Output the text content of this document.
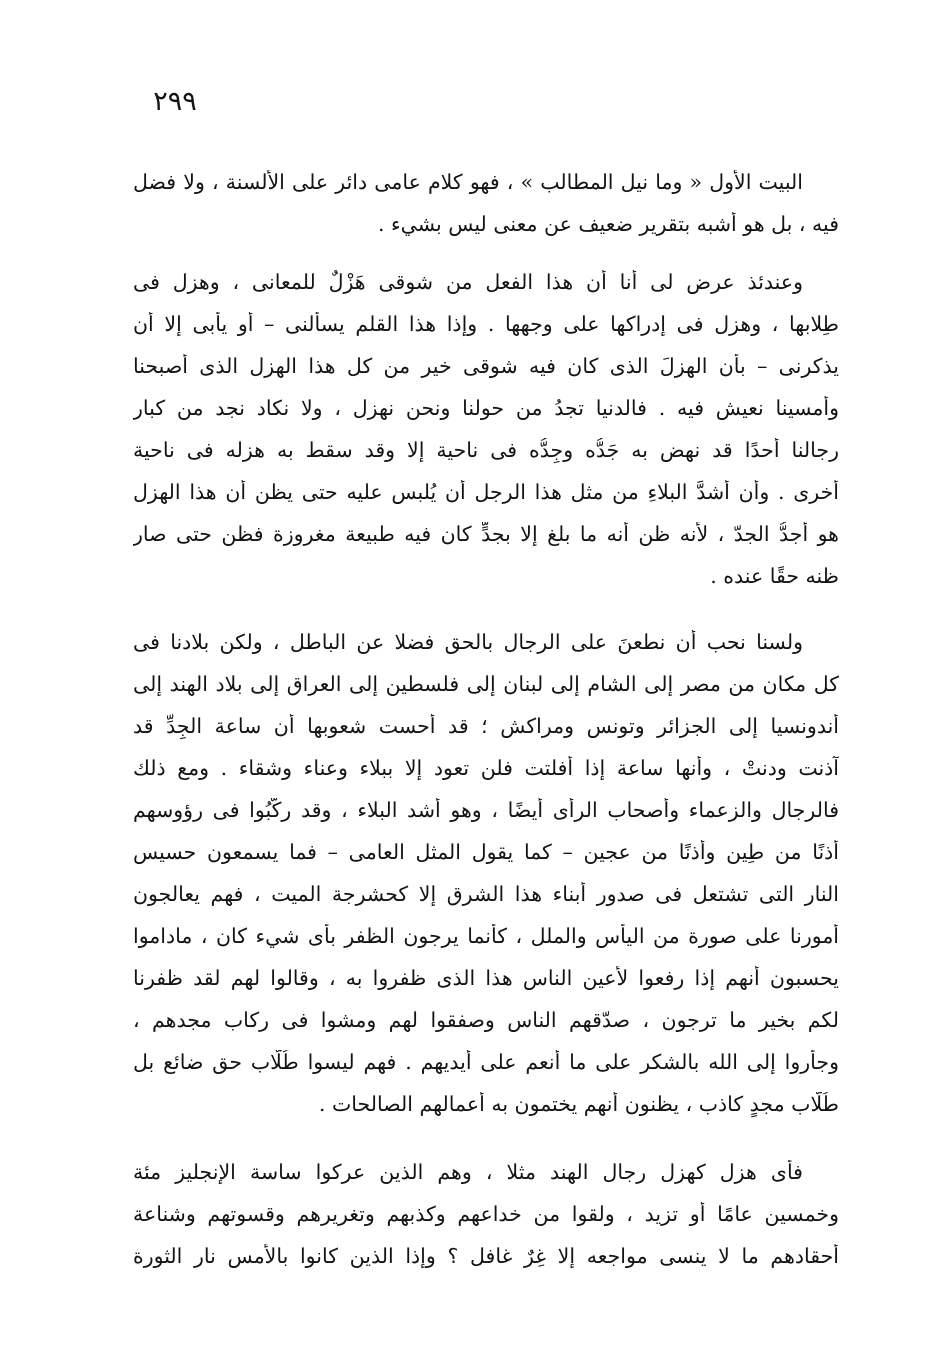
٢٩٩
البيت الأول « وما نيل المطالب » ، فهو كلام عامى دائر على الألسنة ، ولا فضل
فيه ، بل هو أشبه بتقرير ضعيف عن معنى ليس بشيء .
وعندئذ عرض لى أنا أن هذا الفعل من شوقى هَزْلٌ للمعانى ، وهزل فى
طِلابها ، وهزل فى إدراكها على وجهها . وإذا هذا القلم يسألنى – أو يأبى إلا أن
يذكرنى – بأن الهزلَ الذى كان فيه شوقى خير من كل هذا الهزل الذى أصبحنا
وأمسينا نعيش فيه . فالدنيا تجدُ من حولنا ونحن نهزل ، ولا نكاد نجد من كبار
رجالنا أحدًا قد نهض به جَدُّه وجِدُّه فى ناحية إلا وقد سقط به هزله فى ناحية
أخرى . وأن أشدَّ البلاءِ من مثل هذا الرجل أن يُلبس عليه حتى يظن أن هذا الهزل
هو أجدُّ الجدّ ، لأنه ظن أنه ما بلغ إلا بجدٍّ كان فيه طبيعة مغروزة فظن حتى صار
ظنه حقًا عنده .
ولسنا نحب أن نطعنَ على الرجال بالحق فضلا عن الباطل ، ولكن بلادنا فى
كل مكان من مصر إلى الشام إلى لبنان إلى فلسطين إلى العراق إلى بلاد الهند إلى
أندونسيا إلى الجزائر وتونس ومراكش ؛ قد أحست شعوبها أن ساعة الجِدِّ قد
آذنت ودنتْ ، وأنها ساعة إذا أفلتت فلن تعود إلا ببلاء وعناء وشقاء . ومع ذلك
فالرجال والزعماء وأصحاب الرأى أيضًا ، وهو أشد البلاء ، وقد ركَّبُوا فى رؤوسهم
أُذنًا من طِين وأُذنًا من عجين – كما يقول المثل العامى – فما يسمعون حسيس
النار التى تشتعل فى صدور أبناء هذا الشرق إلا كحشرجة الميت ، فهم يعالجون
أمورنا على صورة من اليأس والملل ، كأنما يرجون الظفر بأى شيء كان ، ماداموا
يحسبون أنهم إذا رفعوا لأعين الناس هذا الذى ظفروا به ، وقالوا لهم لقد ظفرنا
لكم بخير ما ترجون ، صدّقهم الناس وصفقوا لهم ومشوا فى ركاب مجدهم ،
وجأروا إلى الله بالشكر على ما أنعم على أيديهم . فهم ليسوا طُلَّاب حق ضائع بل
طُلَّاب مجدٍ كاذب ، يظنون أنهم يختمون به أعمالهم الصالحات .
فأى هزل كهزل رجال الهند مثلا ، وهم الذين عركوا ساسة الإنجليز مئة
وخمسين عامًا أو تزيد ، ولقوا من خداعهم وكذبهم وتغريرهم وقسوتهم وشناعة
أحقادهم ما لا ينسى مواجعه إلا غِرٌ غافل ؟ وإذا الذين كانوا بالأمس نار الثورة
